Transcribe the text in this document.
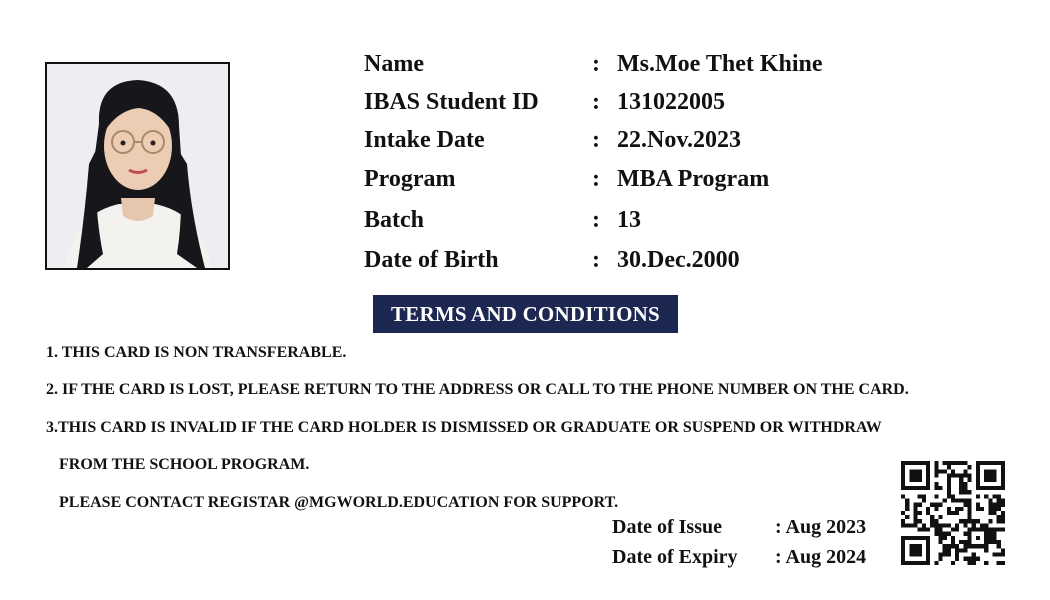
Name	: Ms.Moe Thet Khine
IBAS Student ID : 131022005
Intake Date	: 22.Nov.2023
Program	: MBA Program
Batch	: 13
Date of Birth	: 30.Dec.2000
TERMS AND CONDITIONS
1. THIS CARD IS NON TRANSFERABLE.
2. IF THE CARD IS LOST, PLEASE RETURN TO THE ADDRESS OR CALL TO THE PHONE NUMBER ON THE CARD.
3.THIS CARD IS INVALID IF THE CARD HOLDER IS DISMISSED OR GRADUATE OR SUSPEND OR WITHDRAW
FROM THE SCHOOL PROGRAM.
PLEASE CONTACT REGISTAR @MGWORLD.EDUCATION FOR SUPPORT.
Date of Issue	: Aug 2023
Date of Expiry : Aug 2024
